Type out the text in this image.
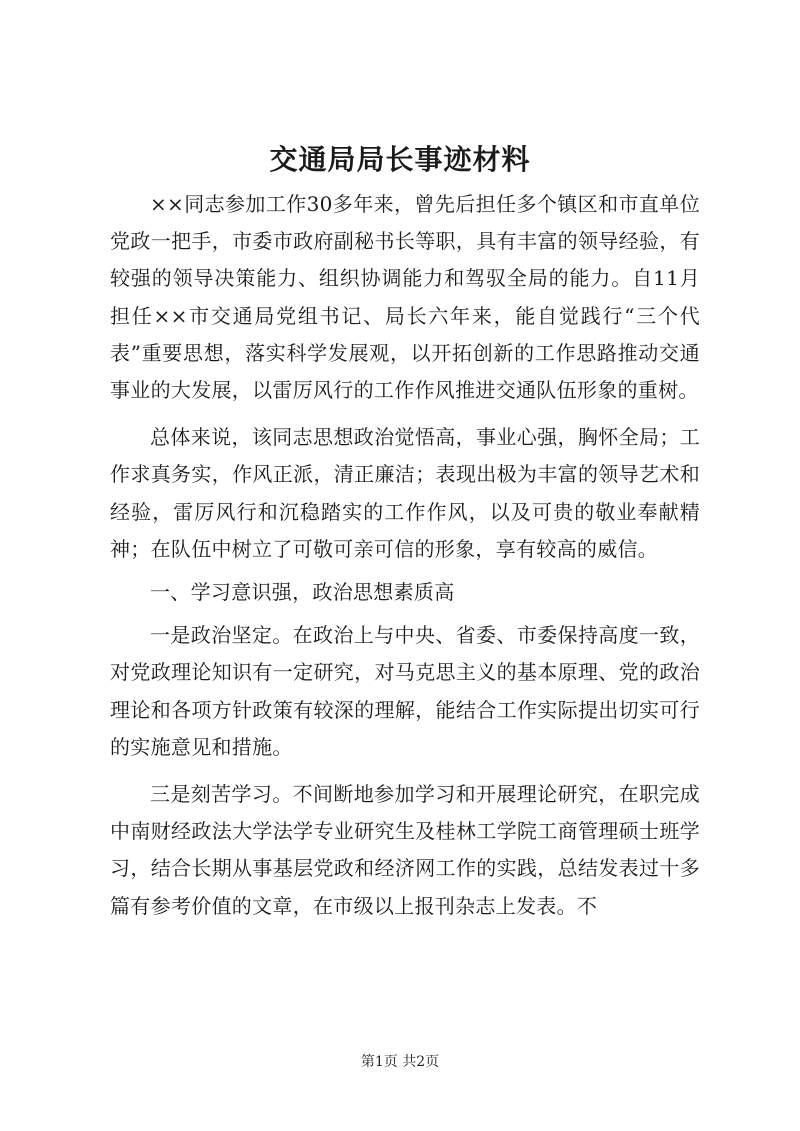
交通局局长事迹材料

××同志参加工作30多年来，曾先后担任多个镇区和市直单位党政一把手，市委市政府副秘书长等职，具有丰富的领导经验，有较强的领导决策能力、组织协调能力和驾驭全局的能力。自11月担任××市交通局党组书记、局长六年来，能自觉践行“三个代表”重要思想，落实科学发展观，以开拓创新的工作思路推动交通事业的大发展，以雷厉风行的工作作风推进交通队伍形象的重树。

总体来说，该同志思想政治觉悟高，事业心强，胸怀全局；工作求真务实，作风正派，清正廉洁；表现出极为丰富的领导艺术和经验，雷厉风行和沉稳踏实的工作作风，以及可贵的敬业奉献精神；在队伍中树立了可敬可亲可信的形象，享有较高的威信。

一、学习意识强，政治思想素质高

一是政治坚定。在政治上与中央、省委、市委保持高度一致，对党政理论知识有一定研究，对马克思主义的基本原理、党的政治理论和各项方针政策有较深的理解，能结合工作实际提出切实可行的实施意见和措施。

三是刻苦学习。不间断地参加学习和开展理论研究，在职完成中南财经政法大学法学专业研究生及桂林工学院工商管理硕士班学习，结合长期从事基层党政和经济网工作的实践，总结发表过十多篇有参考价值的文章，在市级以上报刊杂志上发表。不

第1页 共2页
